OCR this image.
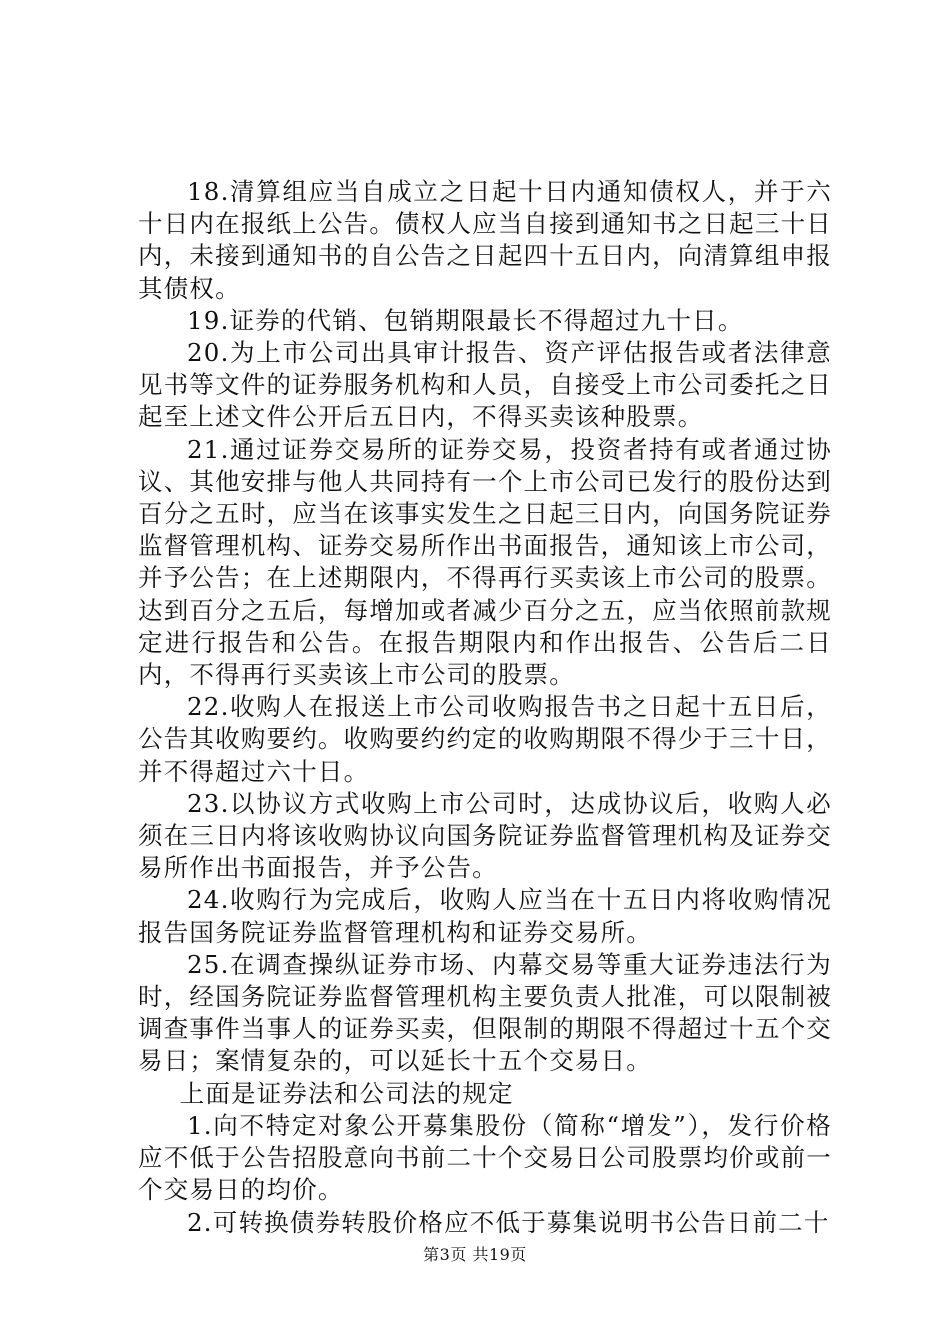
18.清算组应当自成立之日起十日内通知债权人，并于六十日内在报纸上公告。债权人应当自接到通知书之日起三十日内，未接到通知书的自公告之日起四十五日内，向清算组申报其债权。

19.证券的代销、包销期限最长不得超过九十日。

20.为上市公司出具审计报告、资产评估报告或者法律意见书等文件的证券服务机构和人员，自接受上市公司委托之日起至上述文件公开后五日内，不得买卖该种股票。

21.通过证券交易所的证券交易，投资者持有或者通过协议、其他安排与他人共同持有一个上市公司已发行的股份达到百分之五时，应当在该事实发生之日起三日内，向国务院证券监督管理机构、证券交易所作出书面报告，通知该上市公司，并予公告；在上述期限内，不得再行买卖该上市公司的股票。达到百分之五后，每增加或者减少百分之五，应当依照前款规定进行报告和公告。在报告期限内和作出报告、公告后二日内，不得再行买卖该上市公司的股票。

22.收购人在报送上市公司收购报告书之日起十五日后，公告其收购要约。收购要约约定的收购期限不得少于三十日，并不得超过六十日。

23.以协议方式收购上市公司时，达成协议后，收购人必须在三日内将该收购协议向国务院证券监督管理机构及证券交易所作出书面报告，并予公告。

24.收购行为完成后，收购人应当在十五日内将收购情况报告国务院证券监督管理机构和证券交易所。

25.在调查操纵证券市场、内幕交易等重大证券违法行为时，经国务院证券监督管理机构主要负责人批准，可以限制被调查事件当事人的证券买卖，但限制的期限不得超过十五个交易日；案情复杂的，可以延长十五个交易日。

上面是证券法和公司法的规定

1.向不特定对象公开募集股份（简称“增发”），发行价格应不低于公告招股意向书前二十个交易日公司股票均价或前一个交易日的均价。

2.可转换债券转股价格应不低于募集说明书公告日前二十

第3页 共19页
